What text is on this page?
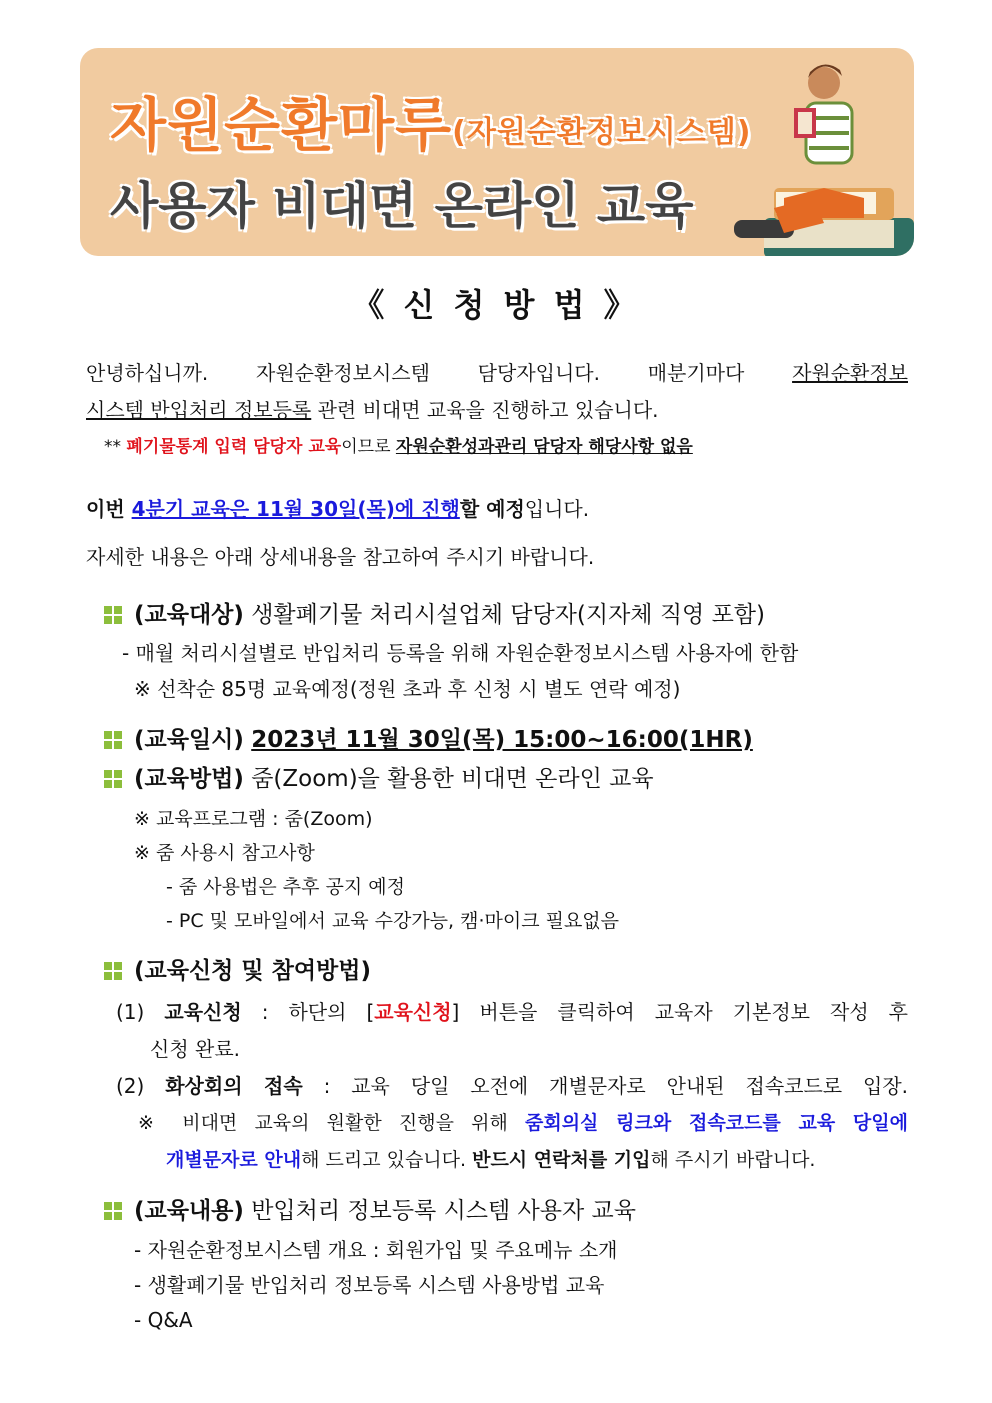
자원순환마루(자원순환정보시스템)
사용자 비대면 온라인 교육
《 신 청 방 법 》
안녕하십니까. 자원순환정보시스템 담당자입니다. 매분기마다 자원순환정보
시스템 반입처리 정보등록 관련 비대면 교육을 진행하고 있습니다.
** 폐기물통계 입력 담당자 교육이므로 자원순환성과관리 담당자 해당사항 없음
이번 4분기 교육은 11월 30일(목)에 진행할 예정입니다.
자세한 내용은 아래 상세내용을 참고하여 주시기 바랍니다.
(교육대상) 생활폐기물 처리시설업체 담당자(지자체 직영 포함)
- 매월 처리시설별로 반입처리 등록을 위해 자원순환정보시스템 사용자에 한함
※ 선착순 85명 교육예정(정원 초과 후 신청 시 별도 연락 예정)
(교육일시) 2023년 11월 30일(목) 15:00~16:00(1HR)
(교육방법) 줌(Zoom)을 활용한 비대면 온라인 교육
※ 교육프로그램 : 줌(Zoom)
※ 줌 사용시 참고사항
- 줌 사용법은 추후 공지 예정
- PC 및 모바일에서 교육 수강가능, 캠·마이크 필요없음
(교육신청 및 참여방법)
(1) 교육신청 : 하단의 [교육신청] 버튼을 클릭하여 교육자 기본정보 작성 후
신청 완료.
(2) 화상회의 접속 : 교육 당일 오전에 개별문자로 안내된 접속코드로 입장.
※ 비대면 교육의 원활한 진행을 위해 줌회의실 링크와 접속코드를 교육 당일에
개별문자로 안내해 드리고 있습니다. 반드시 연락처를 기입해 주시기 바랍니다.
(교육내용) 반입처리 정보등록 시스템 사용자 교육
- 자원순환정보시스템 개요 : 회원가입 및 주요메뉴 소개
- 생활폐기물 반입처리 정보등록 시스템 사용방법 교육
- Q&A
